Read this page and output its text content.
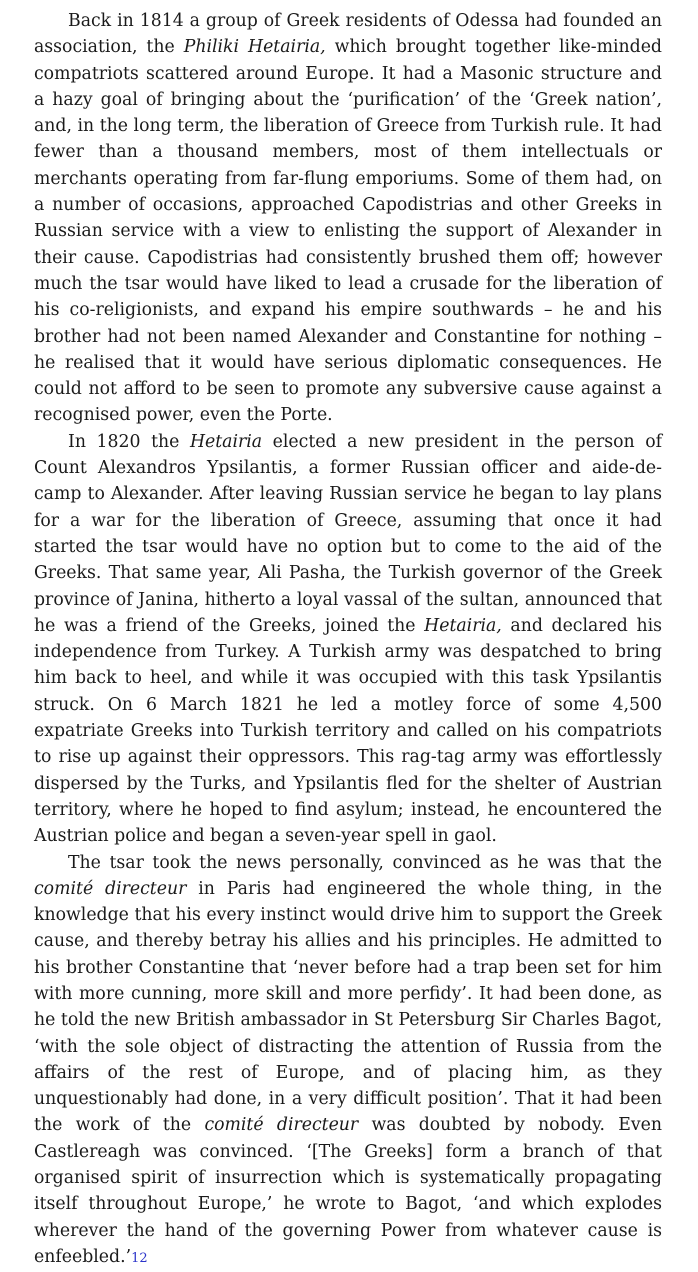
Back in 1814 a group of Greek residents of Odessa had founded an association, the Philiki Hetairia, which brought together like-minded compatriots scattered around Europe. It had a Masonic structure and a hazy goal of bringing about the ‘purification’ of the ‘Greek nation’, and, in the long term, the liberation of Greece from Turkish rule. It had fewer than a thousand members, most of them intellectuals or merchants operating from far-flung emporiums. Some of them had, on a number of occasions, approached Capodistrias and other Greeks in Russian service with a view to enlisting the support of Alexander in their cause. Capodistrias had consistently brushed them off; however much the tsar would have liked to lead a crusade for the liberation of his co-religionists, and expand his empire southwards – he and his brother had not been named Alexander and Constantine for nothing – he realised that it would have serious diplomatic consequences. He could not afford to be seen to promote any subversive cause against a recognised power, even the Porte.

In 1820 the Hetairia elected a new president in the person of Count Alexandros Ypsilantis, a former Russian officer and aide-de-camp to Alexander. After leaving Russian service he began to lay plans for a war for the liberation of Greece, assuming that once it had started the tsar would have no option but to come to the aid of the Greeks. That same year, Ali Pasha, the Turkish governor of the Greek province of Janina, hitherto a loyal vassal of the sultan, announced that he was a friend of the Greeks, joined the Hetairia, and declared his independence from Turkey. A Turkish army was despatched to bring him back to heel, and while it was occupied with this task Ypsilantis struck. On 6 March 1821 he led a motley force of some 4,500 expatriate Greeks into Turkish territory and called on his compatriots to rise up against their oppressors. This rag-tag army was effortlessly dispersed by the Turks, and Ypsilantis fled for the shelter of Austrian territory, where he hoped to find asylum; instead, he encountered the Austrian police and began a seven-year spell in gaol.

The tsar took the news personally, convinced as he was that the comité directeur in Paris had engineered the whole thing, in the knowledge that his every instinct would drive him to support the Greek cause, and thereby betray his allies and his principles. He admitted to his brother Constantine that ‘never before had a trap been set for him with more cunning, more skill and more perfidy’. It had been done, as he told the new British ambassador in St Petersburg Sir Charles Bagot, ‘with the sole object of distracting the attention of Russia from the affairs of the rest of Europe, and of placing him, as they unquestionably had done, in a very difficult position’. That it had been the work of the comité directeur was doubted by nobody. Even Castlereagh was convinced. ‘[The Greeks] form a branch of that organised spirit of insurrection which is systematically propagating itself throughout Europe,’ he wrote to Bagot, ‘and which explodes wherever the hand of the governing Power from whatever cause is enfeebled.’12
